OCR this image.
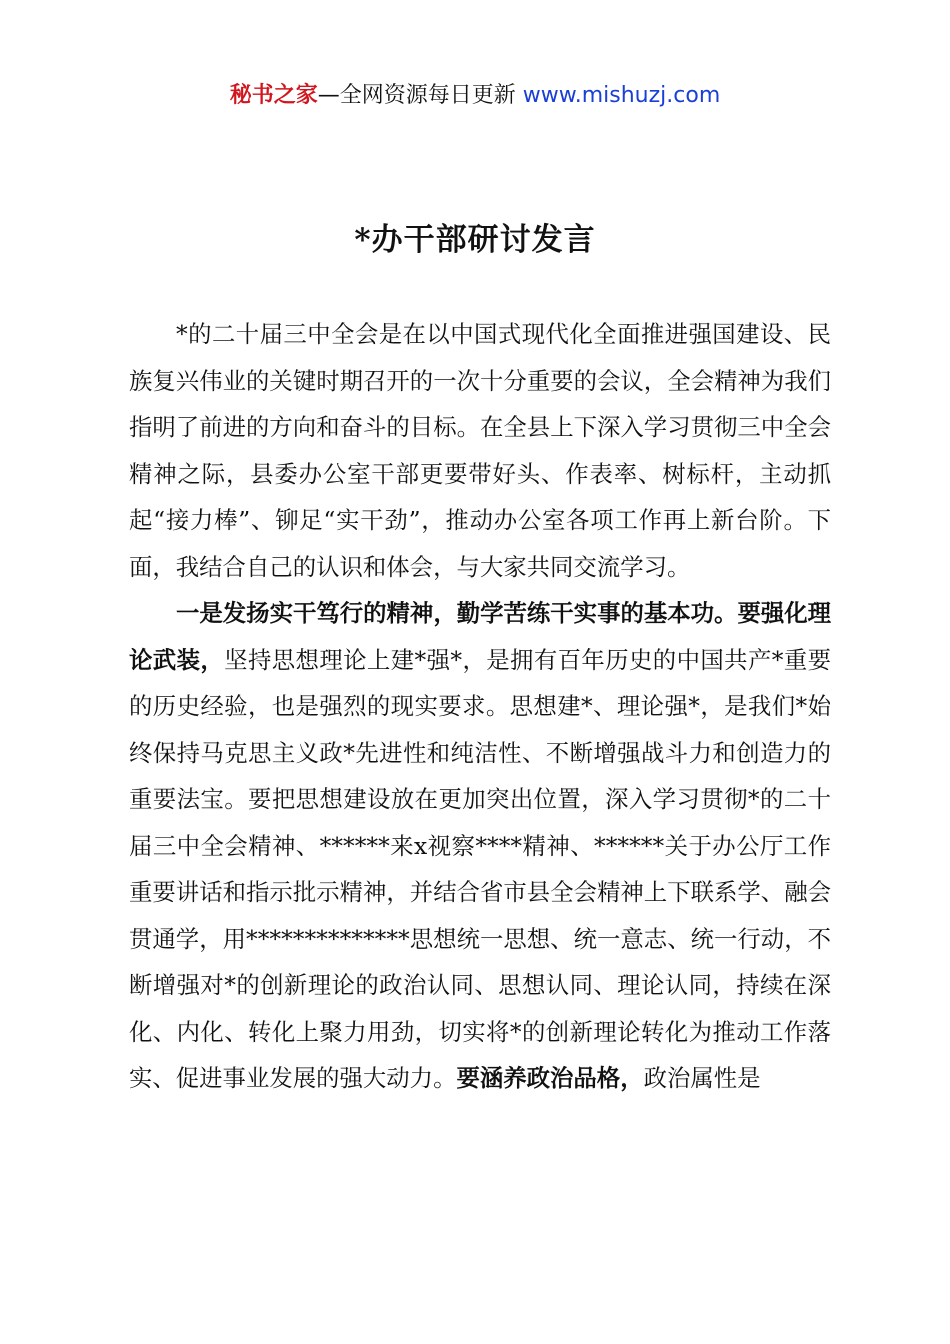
秘书之家—全网资源每日更新 www.mishuzj.com
*办干部研讨发言

*的二十届三中全会是在以中国式现代化全面推进强国建设、民族复兴伟业的关键时期召开的一次十分重要的会议，全会精神为我们指明了前进的方向和奋斗的目标。在全县上下深入学习贯彻三中全会精神之际，县委办公室干部更要带好头、作表率、树标杆，主动抓起“接力棒”、铆足“实干劲”，推动办公室各项工作再上新台阶。下面，我结合自己的认识和体会，与大家共同交流学习。

一是发扬实干笃行的精神，勤学苦练干实事的基本功。要强化理论武装，坚持思想理论上建*强*，是拥有百年历史的中国共产*重要的历史经验，也是强烈的现实要求。思想建*、理论强*，是我们*始终保持马克思主义政*先进性和纯洁性、不断增强战斗力和创造力的重要法宝。要把思想建设放在更加突出位置，深入学习贯彻*的二十届三中全会精神、******来x视察****精神、******关于办公厅工作重要讲话和指示批示精神，并结合省市县全会精神上下联系学、融会贯通学，用**************思想统一思想、统一意志、统一行动，不断增强对*的创新理论的政治认同、思想认同、理论认同，持续在深化、内化、转化上聚力用劲，切实将*的创新理论转化为推动工作落实、促进事业发展的强大动力。要涵养政治品格，政治属性是
